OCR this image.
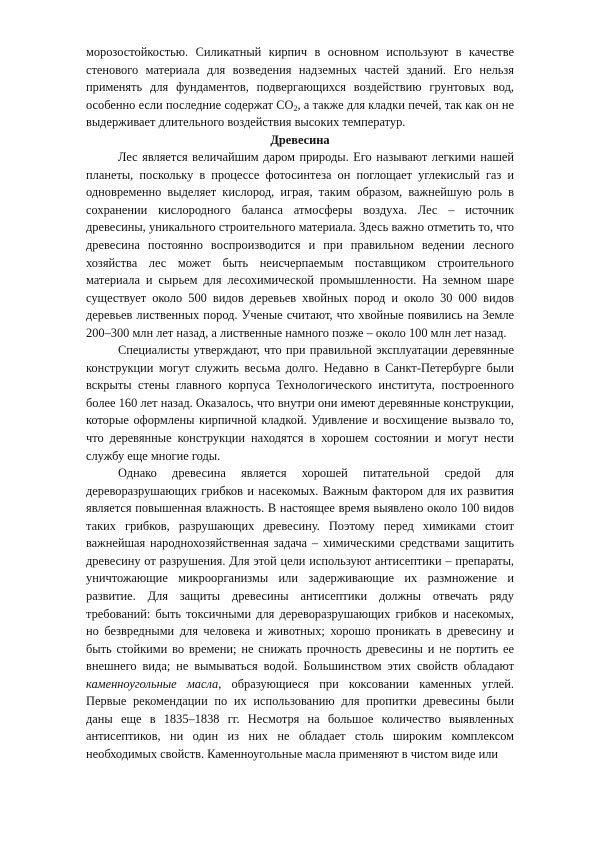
морозостойкостью. Силикатный кирпич в основном используют в качестве стенового материала для возведения надземных частей зданий. Его нельзя применять для фундаментов, подвергающихся воздействию грунтовых вод, особенно если последние содержат $CO_2$, а также для кладки печей, так как он не выдерживает длительного воздействия высоких температур.

Древесина

Лес является величайшим даром природы. Его называют легкими нашей планеты, поскольку в процессе фотосинтеза он поглощает углекислый газ и одновременно выделяет кислород, играя, таким образом, важнейшую роль в сохранении кислородного баланса атмосферы воздуха. Лес – источник древесины, уникального строительного материала. Здесь важно отметить то, что древесина постоянно воспроизводится и при правильном ведении лесного хозяйства лес может быть неисчерпаемым поставщиком строительного материала и сырьем для лесохимической промышленности. На земном шаре существует около 500 видов деревьев хвойных пород и около 30 000 видов деревьев лиственных пород. Ученые считают, что хвойные появились на Земле 200–300 млн лет назад, а лиственные намного позже – около 100 млн лет назад.

Специалисты утверждают, что при правильной эксплуатации деревянные конструкции могут служить весьма долго. Недавно в Санкт-Петербурге были вскрыты стены главного корпуса Технологического института, построенного более 160 лет назад. Оказалось, что внутри они имеют деревянные конструкции, которые оформлены кирпичной кладкой. Удивление и восхищение вызвало то, что деревянные конструкции находятся в хорошем состоянии и могут нести службу еще многие годы.

Однако древесина является хорошей питательной средой для дереворазрушающих грибков и насекомых. Важным фактором для их развития является повышенная влажность. В настоящее время выявлено около 100 видов таких грибков, разрушающих древесину. Поэтому перед химиками стоит важнейшая народнохозяйственная задача – химическими средствами защитить древесину от разрушения. Для этой цели используют антисептики – препараты, уничтожающие микроорганизмы или задерживающие их размножение и развитие. Для защиты древесины антисептики должны отвечать ряду требований: быть токсичными для дереворазрушающих грибков и насекомых, но безвредными для человека и животных; хорошо проникать в древесину и быть стойкими во времени; не снижать прочность древесины и не портить ее внешнего вида; не вымываться водой. Большинством этих свойств обладают каменноугольные масла, образующиеся при коксовании каменных углей. Первые рекомендации по их использованию для пропитки древесины были даны еще в 1835–1838 гг. Несмотря на большое количество выявленных антисептиков, ни один из них не обладает столь широким комплексом необходимых свойств. Каменноугольные масла применяют в чистом виде или
